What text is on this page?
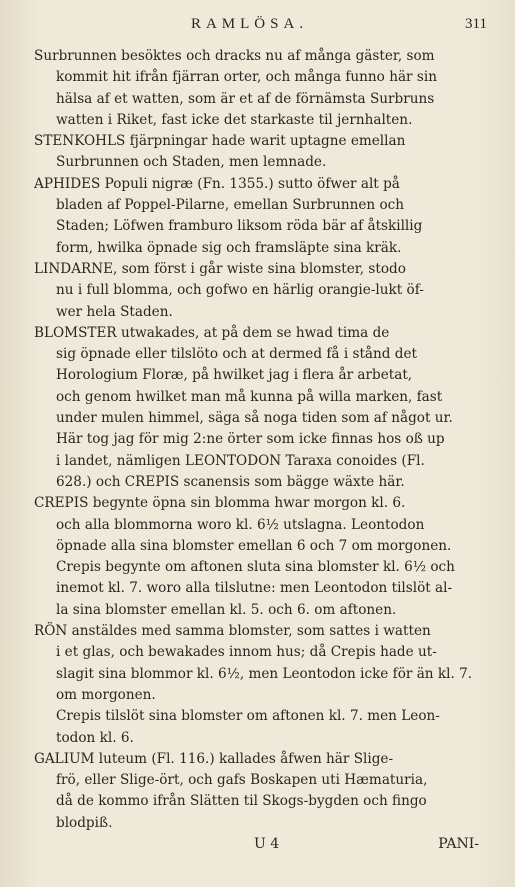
RAMLÖSA.	311

Surbrunnen besöktes och dracks nu af många gäster, som
kommit hit ifrån fjärran orter, och många funno här sin
hälsa af et watten, som är et af de förnämsta Surbruns
watten i Riket, fast icke det starkaste til jernhalten.

STENKOHLS fjärpningar hade warit uptagne emellan
Surbrunnen och Staden, men lemnade.

APHIDES Populi nigræ (Fn. 1355.) sutto öfwer alt på
bladen af Poppel-Pilarne, emellan Surbrunnen och
Staden; Löfwen framburo liksom röda bär af åtskillig
form, hwilka öpnade sig och framsläpte sina kräk.

LINDARNE, som först i går wiste sina blomster, stodo
nu i full blomma, och gofwo en härlig orangie-lukt öf-
wer hela Staden.

BLOMSTER utwakades, at på dem se hwad tima de
sig öpnade eller tilslöto och at dermed få i stånd det
Horologium Floræ, på hwilket jag i flera år arbetat,
och genom hwilket man må kunna på willa marken, fast
under mulen himmel, säga så noga tiden som af något ur.
Här tog jag för mig 2:ne örter som icke finnas hos oß up
i landet, nämligen LEONTODON Taraxa conoides (Fl.
628.) och CREPIS scanensis som bägge wäxte här.

CREPIS begynte öpna sin blomma hwar morgon kl. 6.
och alla blommorna woro kl. 6½ utslagna. Leontodon
öpnade alla sina blomster emellan 6 och 7 om morgonen.
Crepis begynte om aftonen sluta sina blomster kl. 6½ och
inemot kl. 7. woro alla tilslutne: men Leontodon tilslöt al-
la sina blomster emellan kl. 5. och 6. om aftonen.

RÖN anstäldes med samma blomster, som sattes i watten
i et glas, och bewakades innom hus; då Crepis hade ut-
slagit sina blommor kl. 6½, men Leontodon icke för än kl. 7.
om morgonen.
Crepis tilslöt sina blomster om aftonen kl. 7. men Leon-
todon kl. 6.

GALIUM luteum (Fl. 116.) kallades åfwen här Slige-
frö, eller Slige-ört, och gafs Boskapen uti Hæmaturia,
då de kommo ifrån Slätten til Skogs-bygden och fingo
blodpiß.

U 4	PANI-
